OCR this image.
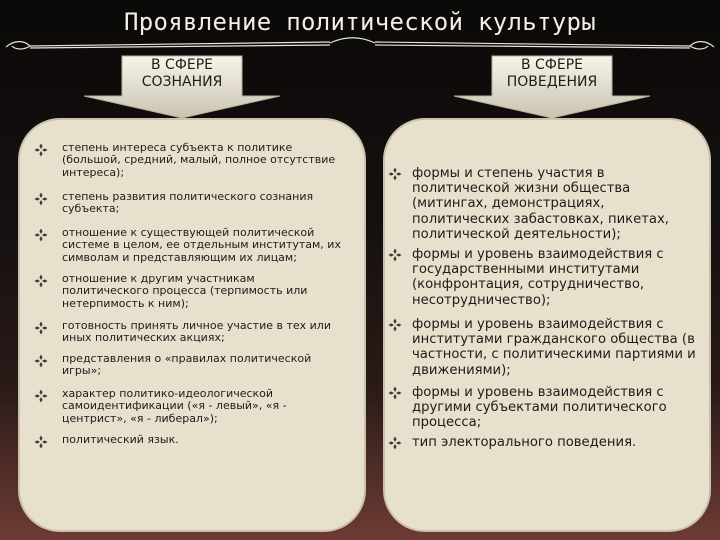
Проявление политической культуры
В СФЕРЕ
СОЗНАНИЯ
В СФЕРЕ
ПОВЕДЕНИЯ
степень интереса субъекта к политике
(большой, средний, малый, полное отсутствие
интереса);
степень развития политического сознания
субъекта;
отношение к существующей политической
системе в целом, ее отдельным институтам, их
символам и представляющим их лицам;
отношение к другим участникам
политического процесса (терпимость или
нетерпимость к ним);
готовность принять личное участие в тех или
иных политических акциях;
представления о «правилах политической
игры»;
характер политико-идеологической
самоидентификации («я - левый», «я -
центрист», «я - либерал»);
политический язык.
формы и степень участия в
политической жизни общества
(митингах, демонстрациях,
политических забастовках, пикетах,
политической деятельности);
формы и уровень взаимодействия с
государственными институтами
(конфронтация, сотрудничество,
несотрудничество);
формы и уровень взаимодействия с
институтами гражданского общества (в
частности, с политическими партиями и
движениями);
формы и уровень взаимодействия с
другими субъектами политического
процесса;
тип электорального поведения.
